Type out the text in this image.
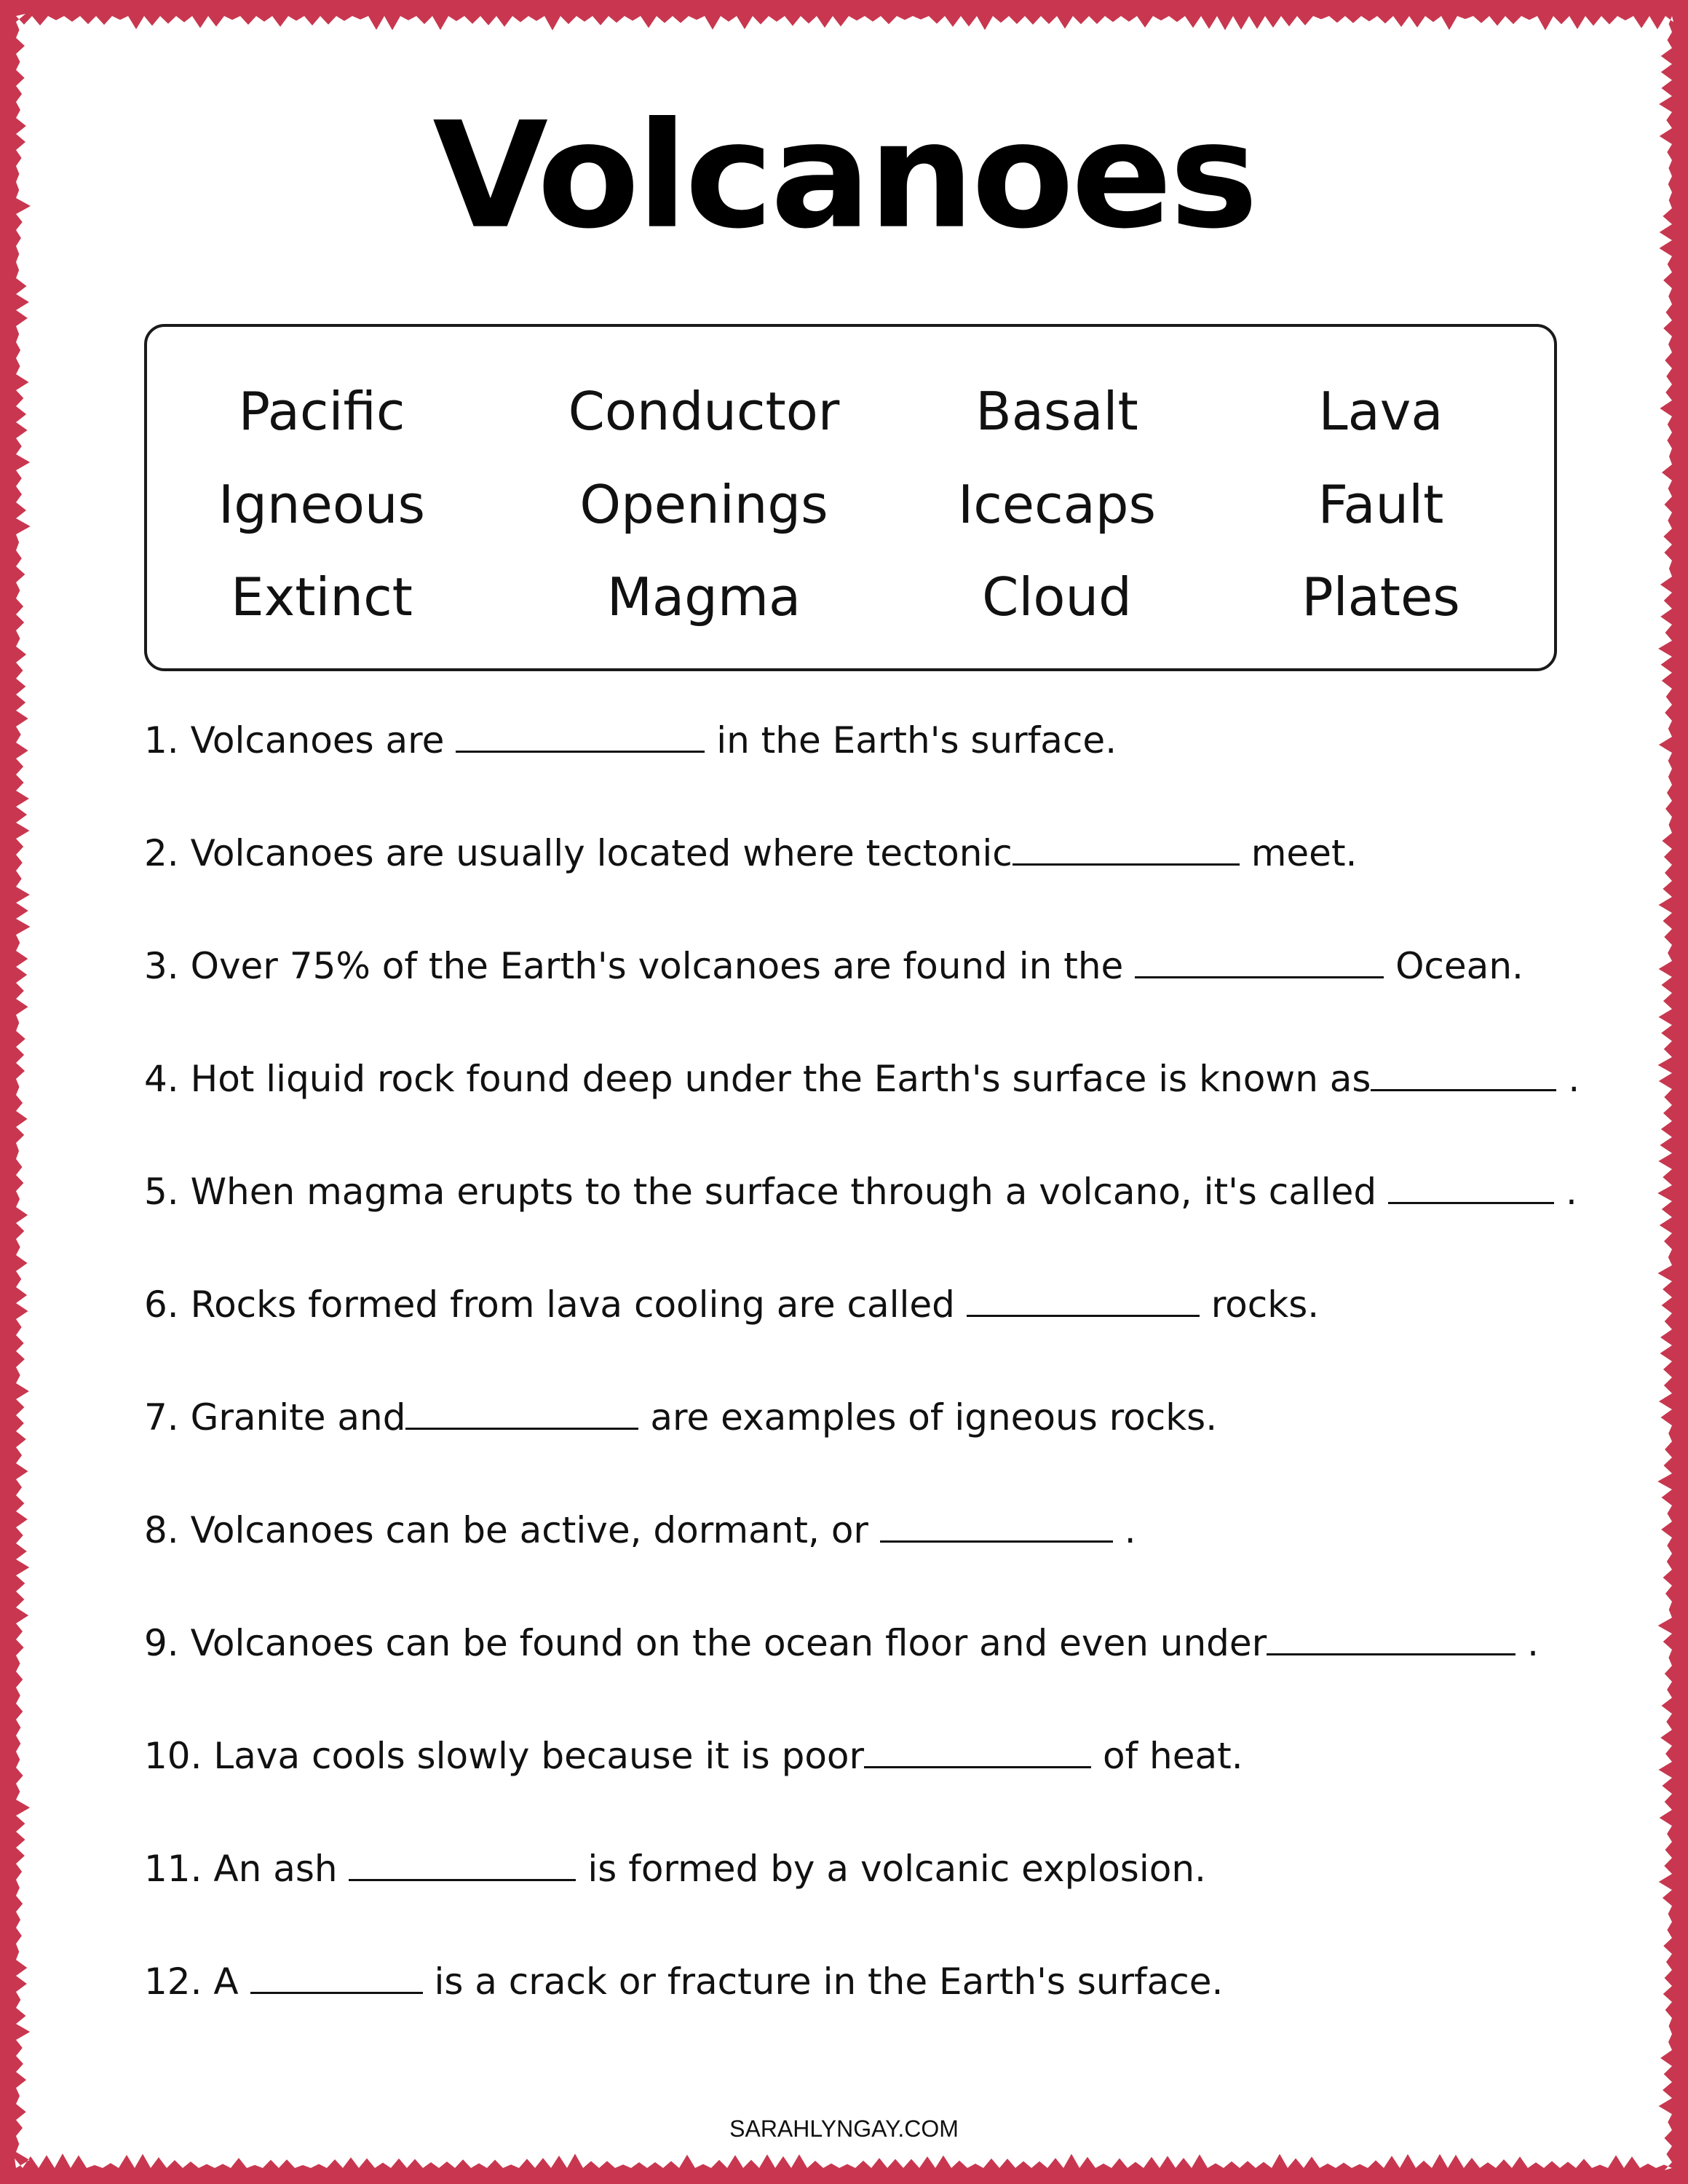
Volcanoes
Pacific	Conductor	Basalt	Lava
Igneous	Openings	Icecaps	Fault
Extinct	Magma	Cloud	Plates
1. Volcanoes are	in the Earth's surface.
2. Volcanoes are usually located where tectonic	meet.
3. Over 75% of the Earth's volcanoes are found in the	Ocean.
4. Hot liquid rock found deep under the Earth's surface is known as	.
5. When magma erupts to the surface through a volcano, it's called	.
6. Rocks formed from lava cooling are called	rocks.
7. Granite and	are examples of igneous rocks.
8. Volcanoes can be active, dormant, or	.
9. Volcanoes can be found on the ocean floor and even under	.
10. Lava cools slowly because it is poor	of heat.
11. An ash	is formed by a volcanic explosion.
12. A	is a crack or fracture in the Earth's surface.
SARAHLYNGAY.COM
